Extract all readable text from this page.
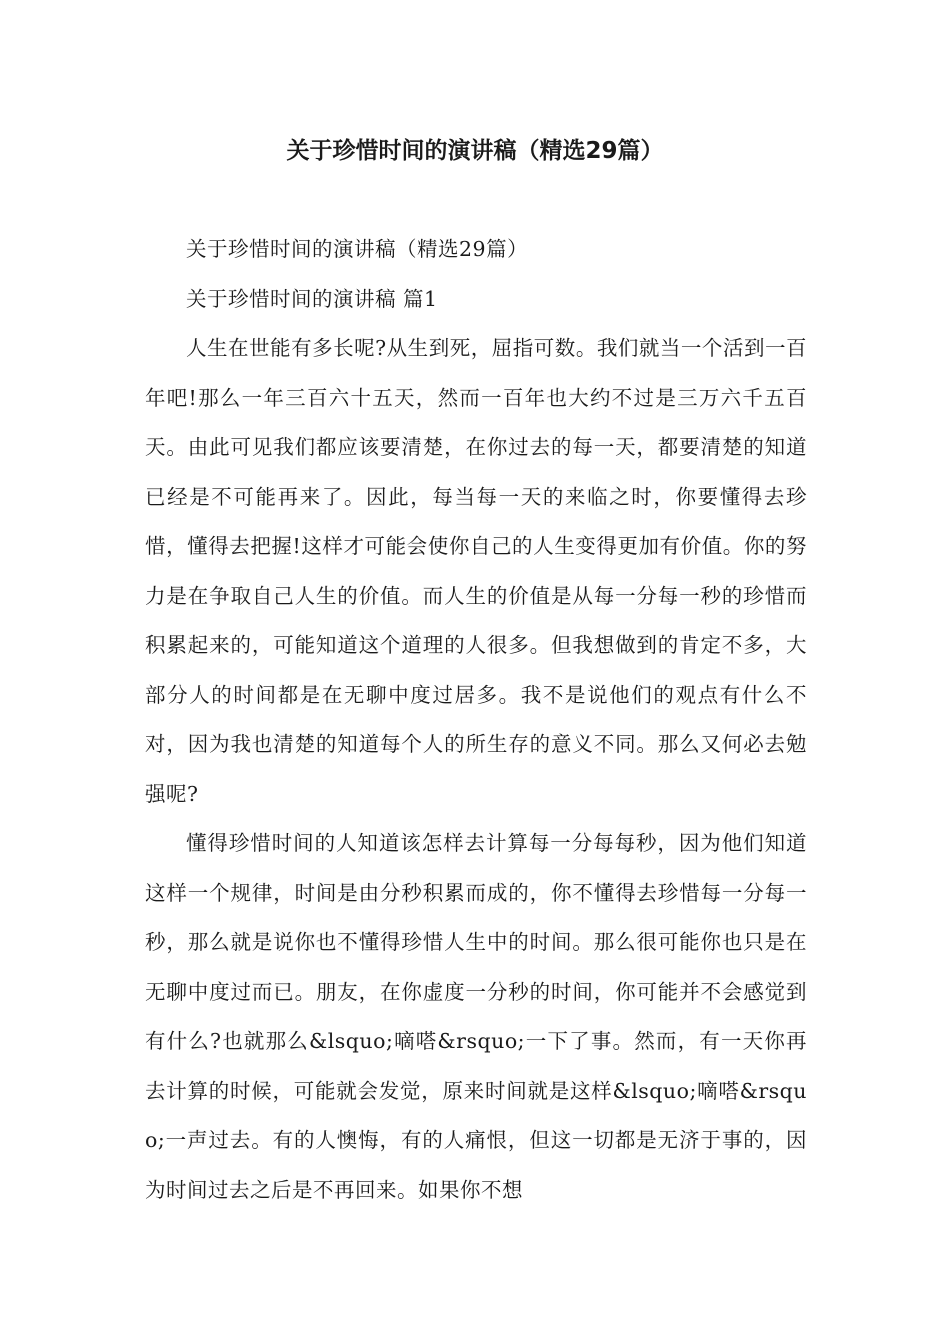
关于珍惜时间的演讲稿（精选29篇）

关于珍惜时间的演讲稿（精选29篇）

关于珍惜时间的演讲稿 篇1

人生在世能有多长呢?从生到死，屈指可数。我们就当一个活到一百年吧!那么一年三百六十五天，然而一百年也大约不过是三万六千五百天。由此可见我们都应该要清楚，在你过去的每一天，都要清楚的知道已经是不可能再来了。因此，每当每一天的来临之时，你要懂得去珍惜，懂得去把握!这样才可能会使你自己的人生变得更加有价值。你的努力是在争取自己人生的价值。而人生的价值是从每一分每一秒的珍惜而积累起来的，可能知道这个道理的人很多。但我想做到的肯定不多，大部分人的时间都是在无聊中度过居多。我不是说他们的观点有什么不对，因为我也清楚的知道每个人的所生存的意义不同。那么又何必去勉强呢?

懂得珍惜时间的人知道该怎样去计算每一分每每秒，因为他们知道这样一个规律，时间是由分秒积累而成的，你不懂得去珍惜每一分每一秒，那么就是说你也不懂得珍惜人生中的时间。那么很可能你也只是在无聊中度过而已。朋友，在你虚度一分秒的时间，你可能并不会感觉到有什么?也就那么&lsquo;嘀嗒&rsquo;一下了事。然而，有一天你再去计算的时候，可能就会发觉，原来时间就是这样&lsquo;嘀嗒&rsquo;一声过去。有的人懊悔，有的人痛恨，但这一切都是无济于事的，因为时间过去之后是不再回来。如果你不想
